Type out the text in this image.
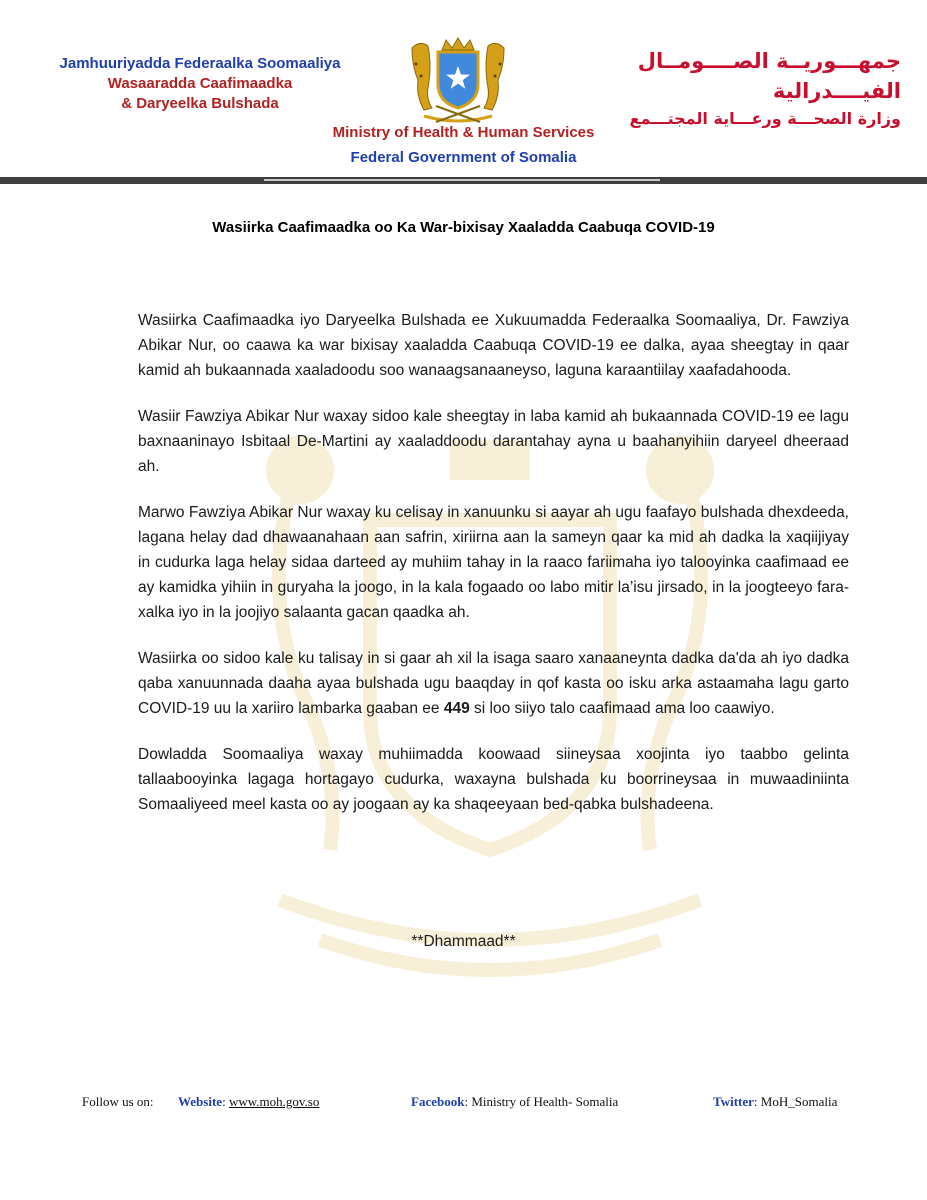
Jamhuuriyadda Federaalka Soomaaliya
Wasaaradda Caafimaadka
& Daryeelka Bulshada
جمهـــوريــة الصــــومــال الفيــــدرالية
وزارة الصحـــة ورعـــاية المجتـــمع
Ministry of Health & Human Services
Federal Government of Somalia
Wasiirka Caafimaadka oo Ka War-bixisay Xaaladda Caabuqa COVID-19

Wasiirka Caafimaadka iyo Daryeelka Bulshada ee Xukuumadda Federaalka Soomaaliya, Dr. Fawziya Abikar Nur, oo caawa ka war bixisay xaaladda Caabuqa COVID-19 ee dalka, ayaa sheegtay in qaar kamid ah bukaannada xaaladoodu soo wanaagsanaaneyso, laguna karaantiilay xaafadahooda.

Wasiir Fawziya Abikar Nur waxay sidoo kale sheegtay in laba kamid ah bukaannada COVID-19 ee lagu baxnaaninayo Isbitaal De-Martini ay xaaladdoodu darantahay ayna u baahanyihiin daryeel dheeraad ah.

Marwo Fawziya Abikar Nur waxay ku celisay in xanuunku si aayar ah ugu faafayo bulshada dhexdeeda, lagana helay dad dhawaanahaan aan safrin, xiriirna aan la sameyn qaar ka mid ah dadka la xaqiijiyay in cudurka laga helay sidaa darteed ay muhiim tahay in la raaco fariimaha iyo talooyinka caafimaad ee ay kamidka yihiin in guryaha la joogo, in la kala fogaado oo labo mitir la’isu jirsado, in la joogteeyo fara-xalka iyo in la joojiyo salaanta gacan qaadka ah.

Wasiirka oo sidoo kale ku talisay in si gaar ah xil la isaga saaro xanaaneynta dadka da'da ah iyo dadka qaba xanuunnada daaha ayaa bulshada ugu baaqday in qof kasta oo isku arka astaamaha lagu garto COVID-19 uu la xariiro lambarka gaaban ee 449 si loo siiyo talo caafimaad ama loo caawiyo.

Dowladda Soomaaliya waxay muhiimadda koowaad siineysaa xoojinta iyo taabbo gelinta tallaabooyinka lagaga hortagayo cudurka, waxayna bulshada ku boorrineysaa in muwaadiniinta Somaaliyeed meel kasta oo ay joogaan ay ka shaqeeyaan bed-qabka bulshadeena.

**Dhammaad**
Follow us on: Website: www.moh.gov.so	Facebook: Ministry of Health- Somalia	Twitter: MoH_Somalia
